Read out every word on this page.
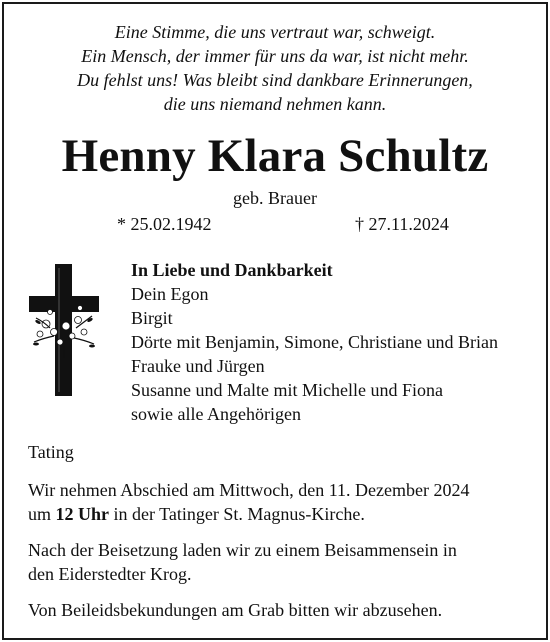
Eine Stimme, die uns vertraut war, schweigt.
Ein Mensch, der immer für uns da war, ist nicht mehr.
Du fehlst uns! Was bleibt sind dankbare Erinnerungen,
die uns niemand nehmen kann.
Henny Klara Schultz
geb. Brauer
* 25.02.1942	† 27.11.2024
In Liebe und Dankbarkeit
Dein Egon
Birgit
Dörte mit Benjamin, Simone, Christiane und Brian
Frauke und Jürgen
Susanne und Malte mit Michelle und Fiona
sowie alle Angehörigen
Tating
Wir nehmen Abschied am Mittwoch, den 11. Dezember 2024
um 12 Uhr in der Tatinger St. Magnus-Kirche.
Nach der Beisetzung laden wir zu einem Beisammensein in
den Eiderstedter Krog.
Von Beileidsbekundungen am Grab bitten wir abzusehen.
